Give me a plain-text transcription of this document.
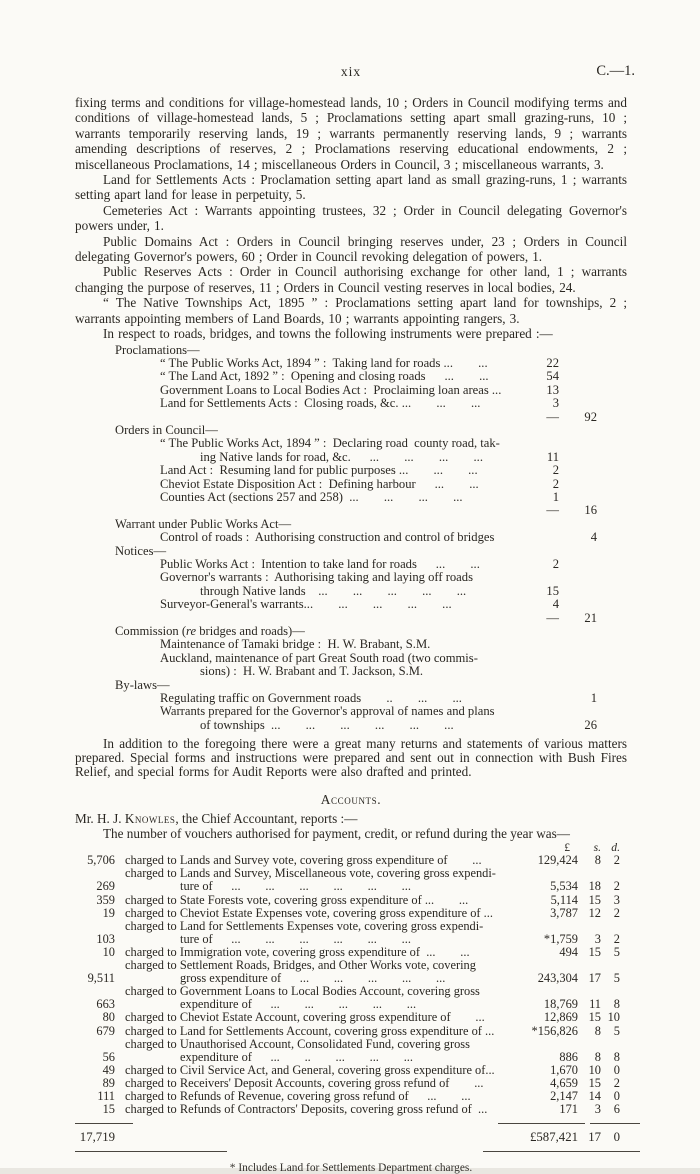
xix	C.—1.

fixing terms and conditions for village-homestead lands, 10 ; Orders in Council modifying terms and conditions of village-homestead lands, 5 ; Proclamations setting apart small grazing-runs, 10 ; warrants temporarily reserving lands, 19 ; warrants permanently reserving lands, 9 ; warrants amending descriptions of reserves, 2 ; Proclamations reserving educational endowments, 2 ; miscellaneous Proclamations, 14 ; miscellaneous Orders in Council, 3 ; miscellaneous warrants, 3.

Land for Settlements Acts : Proclamation setting apart land as small grazing-runs, 1 ; warrants setting apart land for lease in perpetuity, 5.

Cemeteries Act : Warrants appointing trustees, 32 ; Order in Council delegating Governor's powers under, 1.

Public Domains Act : Orders in Council bringing reserves under, 23 ; Orders in Council delegating Governor's powers, 60 ; Order in Council revoking delegation of powers, 1.

Public Reserves Acts : Order in Council authorising exchange for other land, 1 ; warrants changing the purpose of reserves, 11 ; Orders in Council vesting reserves in local bodies, 24.

“ The Native Townships Act, 1895 ” : Proclamations setting apart land for townships, 2 ; warrants appointing members of Land Boards, 10 ; warrants appointing rangers, 3.

In respect to roads, bridges, and towns the following instruments were prepared :—

Proclamations—
“ The Public Works Act, 1894 ” :  Taking land for roads ...  ...	22
“ The Land Act, 1892 ” :  Opening and closing roads  ...  ...	54
Government Loans to Local Bodies Act :  Proclaiming loan areas ...	13
Land for Settlements Acts :  Closing roads, &c. ...  ...  ...	3
—	92
Orders in Council—
“ The Public Works Act, 1894 ” :  Declaring road  county road, tak-
ing Native lands for road, &c.  ...  ...  ...  ...	11
Land Act :  Resuming land for public purposes ...  ...  ...	2
Cheviot Estate Disposition Act :  Defining harbour  ...  ...	2
Counties Act (sections 257 and 258)  ...  ...  ...  ...	1
—	16
Warrant under Public Works Act—
Control of roads :  Authorising construction and control of bridges	4
Notices—
Public Works Act :  Intention to take land for roads  ...  ...	2
Governor's warrants :  Authorising taking and laying off roads
through Native lands  ...  ...  ...  ...  ...	15
Surveyor-General's warrants...  ...  ...  ...  ...	4
—	21
Commission (re bridges and roads)—
Maintenance of Tamaki bridge :  H. W. Brabant, S.M.
Auckland, maintenance of part Great South road (two commis-
sions) :  H. W. Brabant and T. Jackson, S.M.
By-laws—
Regulating traffic on Government roads  ..  ...  ...	1
Warrants prepared for the Governor's approval of names and plans
of townships  ...  ...  ...  ...  ...  ...	26

In addition to the foregoing there were a great many returns and statements of various matters prepared. Special forms and instructions were prepared and sent out in connection with Bush Fires Relief, and special forms for Audit Reports were also drafted and printed.

Accounts.

Mr. H. J. Knowles, the Chief Accountant, reports :—

The number of vouchers authorised for payment, credit, or refund during the year was—

£	s. d.
5,706 charged to Lands and Survey vote, covering gross expenditure of  ...	129,424	8	2
269
charged to Lands and Survey, Miscellaneous vote, covering gross expendi-
ture of  ...  ...  ...  ...  ...  ...	5,534 18	2
359 charged to State Forests vote, covering gross expenditure of ...  ...	5,114 15	3
19 charged to Cheviot Estate Expenses vote, covering gross expenditure of ...	3,787 12	2
103
charged to Land for Settlements Expenses vote, covering gross expendi-
ture of  ...  ...  ...  ...  ...  ...	*1,759	3	2
10 charged to Immigration vote, covering gross expenditure of  ...  ...	494 15	5
9,511
charged to Settlement Roads, Bridges, and Other Works vote, covering
gross expenditure of  ...  ...  ...  ...  ...	243,304 17	5
663
charged to Government Loans to Local Bodies Account, covering gross
expenditure of  ...  ...  ...  ...  ...	18,769 11	8
80 charged to Cheviot Estate Account, covering gross expenditure of  ...	12,869 15 10
679 charged to Land for Settlements Account, covering gross expenditure of ...	*156,826	8	5
56
charged to Unauthorised Account, Consolidated Fund, covering gross
expenditure of  ...  ..  ...  ...  ...	886	8	8
49 charged to Civil Service Act, and General, covering gross expenditure of...	1,670 10	0
89 charged to Receivers' Deposit Accounts, covering gross refund of  ...	4,659 15	2
111 charged to Refunds of Revenue, covering gross refund of  ...  ...	2,147 14	0
15 charged to Refunds of Contractors' Deposits, covering gross refund of  ...	171	3	6
17,719	£587,421 17 0
* Includes Land for Settlements Department charges.
